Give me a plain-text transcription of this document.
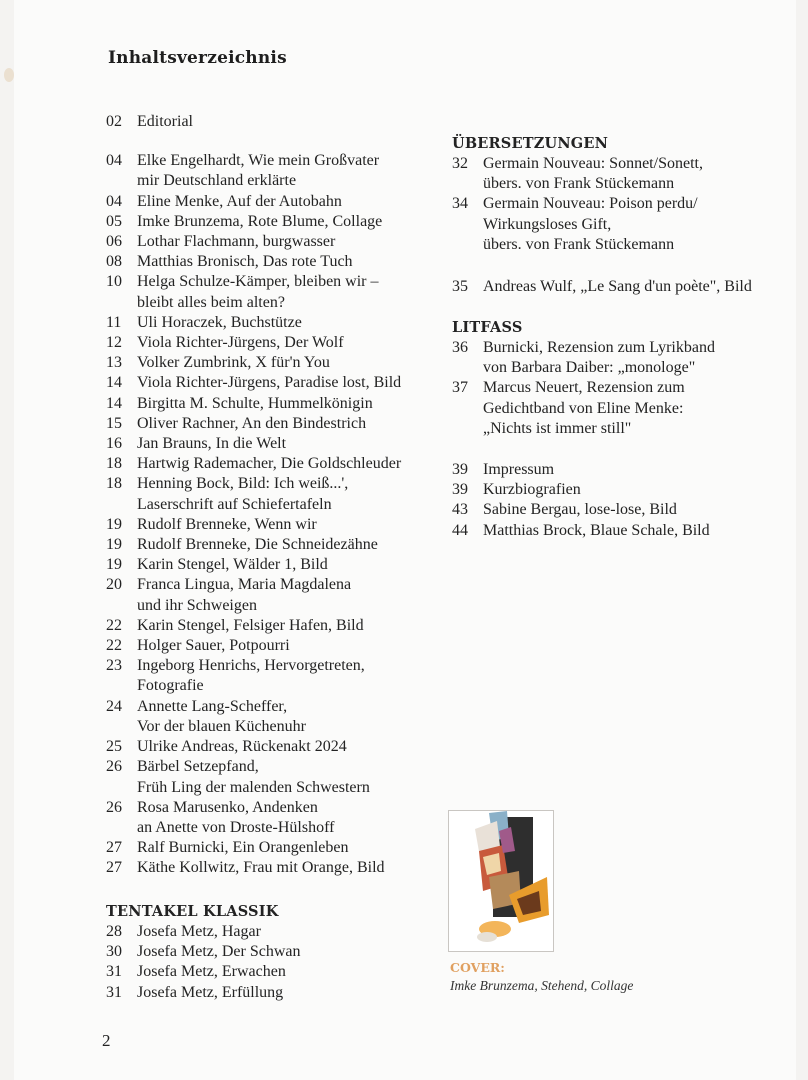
Inhaltsverzeichnis
02 Editorial
04 Elke Engelhardt, Wie mein Großvater
mir Deutschland erklärte
04 Eline Menke, Auf der Autobahn
05 Imke Brunzema, Rote Blume, Collage
06 Lothar Flachmann, burgwasser
08 Matthias Bronisch, Das rote Tuch
10 Helga Schulze-Kämper, bleiben wir –
bleibt alles beim alten?
11 Uli Horaczek, Buchstütze
12 Viola Richter-Jürgens, Der Wolf
13 Volker Zumbrink, X für'n You
14 Viola Richter-Jürgens, Paradise lost, Bild
14 Birgitta M. Schulte, Hummelkönigin
15 Oliver Rachner, An den Bindestrich
16 Jan Brauns, In die Welt
18 Hartwig Rademacher, Die Goldschleuder
18 Henning Bock, Bild: Ich weiß...',
Laserschrift auf Schiefertafeln
19 Rudolf Brenneke, Wenn wir
19 Rudolf Brenneke, Die Schneidezähne
19 Karin Stengel, Wälder 1, Bild
20 Franca Lingua, Maria Magdalena
und ihr Schweigen
22 Karin Stengel, Felsiger Hafen, Bild
22 Holger Sauer, Potpourri
23 Ingeborg Henrichs, Hervorgetreten,
Fotografie
24 Annette Lang-Scheffer,
Vor der blauen Küchenuhr
25 Ulrike Andreas, Rückenakt 2024
26 Bärbel Setzepfand,
Früh Ling der malenden Schwestern
26 Rosa Marusenko, Andenken
an Anette von Droste-Hülshoff
27 Ralf Burnicki, Ein Orangenleben
27 Käthe Kollwitz, Frau mit Orange, Bild
TENTAKEL KLASSIK
28 Josefa Metz, Hagar
30 Josefa Metz, Der Schwan
31 Josefa Metz, Erwachen
31 Josefa Metz, Erfüllung
ÜBERSETZUNGEN
32 Germain Nouveau: Sonnet/Sonett,
übers. von Frank Stückemann
34 Germain Nouveau: Poison perdu/
Wirkungsloses Gift,
übers. von Frank Stückemann
35 Andreas Wulf, „Le Sang d'un poète", Bild
LITFASS
36 Burnicki, Rezension zum Lyrikband
von Barbara Daiber: „monologe"
37 Marcus Neuert, Rezension zum
Gedichtband von Eline Menke:
„Nichts ist immer still"
39 Impressum
39 Kurzbiografien
43 Sabine Bergau, lose-lose, Bild
44 Matthias Brock, Blaue Schale, Bild
COVER:
Imke Brunzema, Stehend, Collage
2
